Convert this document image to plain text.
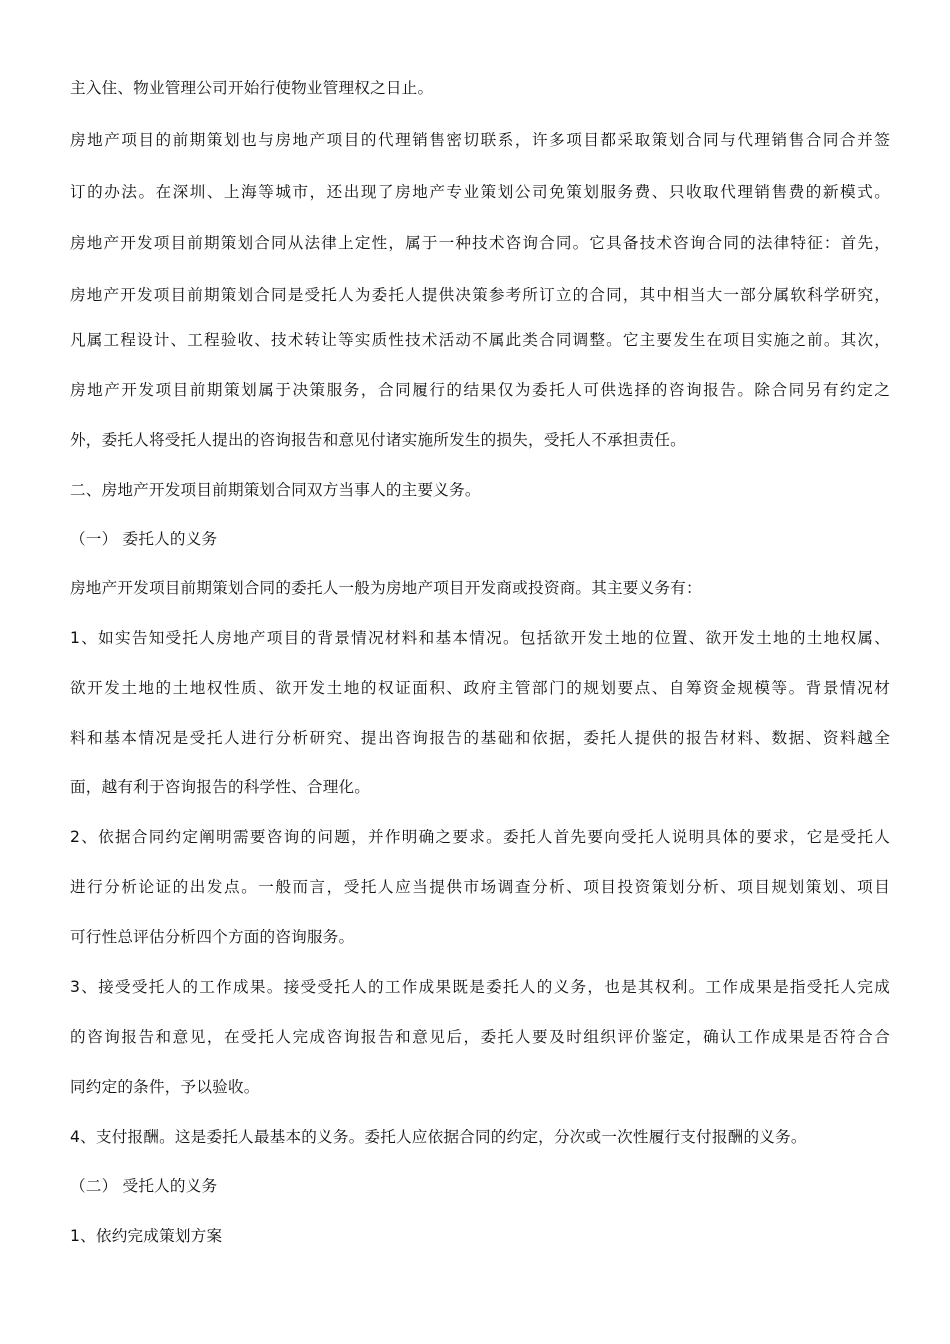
主入住、物业管理公司开始行使物业管理权之日止。
房地产项目的前期策划也与房地产项目的代理销售密切联系，许多项目都采取策划合同与代理销售合同合并签
订的办法。在深圳、上海等城市，还出现了房地产专业策划公司免策划服务费、只收取代理销售费的新模式。
房地产开发项目前期策划合同从法律上定性，属于一种技术咨询合同。它具备技术咨询合同的法律特征：首先，
房地产开发项目前期策划合同是受托人为委托人提供决策参考所订立的合同，其中相当大一部分属软科学研究，
凡属工程设计、工程验收、技术转让等实质性技术活动不属此类合同调整。它主要发生在项目实施之前。其次，
房地产开发项目前期策划属于决策服务，合同履行的结果仅为委托人可供选择的咨询报告。除合同另有约定之
外，委托人将受托人提出的咨询报告和意见付诸实施所发生的损失，受托人不承担责任。
二、房地产开发项目前期策划合同双方当事人的主要义务。
（一） 委托人的义务
房地产开发项目前期策划合同的委托人一般为房地产项目开发商或投资商。其主要义务有：
1、如实告知受托人房地产项目的背景情况材料和基本情况。包括欲开发土地的位置、欲开发土地的土地权属、
欲开发土地的土地权性质、欲开发土地的权证面积、政府主管部门的规划要点、自筹资金规模等。背景情况材
料和基本情况是受托人进行分析研究、提出咨询报告的基础和依据，委托人提供的报告材料、数据、资料越全
面，越有利于咨询报告的科学性、合理化。
2、依据合同约定阐明需要咨询的问题，并作明确之要求。委托人首先要向受托人说明具体的要求，它是受托人
进行分析论证的出发点。一般而言，受托人应当提供市场调查分析、项目投资策划分析、项目规划策划、项目
可行性总评估分析四个方面的咨询服务。
3、接受受托人的工作成果。接受受托人的工作成果既是委托人的义务，也是其权利。工作成果是指受托人完成
的咨询报告和意见，在受托人完成咨询报告和意见后，委托人要及时组织评价鉴定，确认工作成果是否符合合
同约定的条件，予以验收。
4、支付报酬。这是委托人最基本的义务。委托人应依据合同的约定，分次或一次性履行支付报酬的义务。
（二） 受托人的义务
1、依约完成策划方案
